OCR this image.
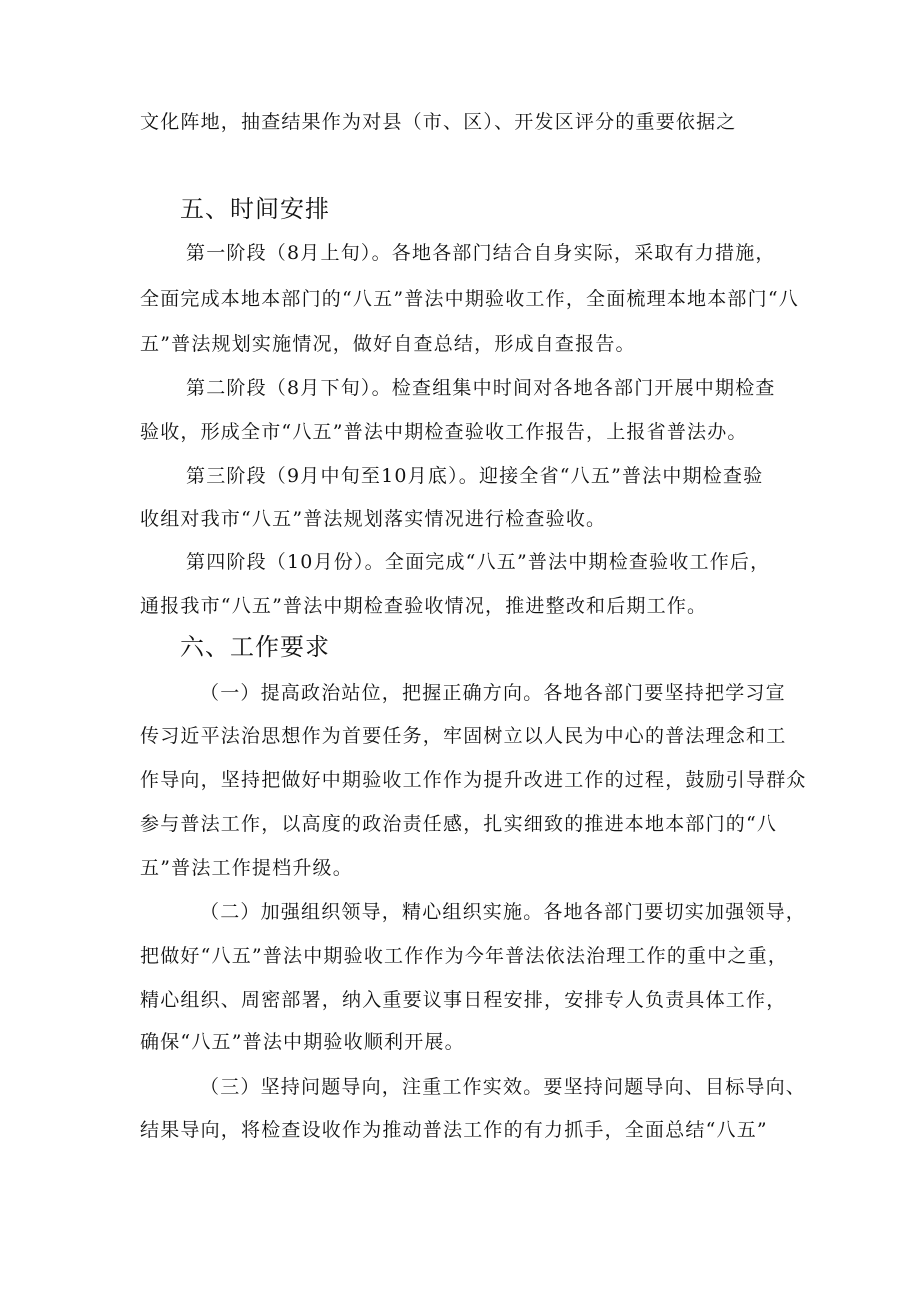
文化阵地，抽查结果作为对县（市、区）、开发区评分的重要依据之
五、时间安排
第一阶段（8月上旬）。各地各部门结合自身实际，采取有力措施，
全面完成本地本部门的“八五”普法中期验收工作，全面梳理本地本部门“八
五”普法规划实施情况，做好自查总结，形成自查报告。
第二阶段（8月下旬）。检查组集中时间对各地各部门开展中期检查
验收，形成全市“八五”普法中期检查验收工作报告，上报省普法办。
第三阶段（9月中旬至10月底）。迎接全省“八五”普法中期检查验
收组对我市“八五”普法规划落实情况进行检查验收。
第四阶段（10月份）。全面完成“八五”普法中期检查验收工作后，
通报我市“八五”普法中期检查验收情况，推进整改和后期工作。
六、工作要求
（一）提高政治站位，把握正确方向。各地各部门要坚持把学习宣
传习近平法治思想作为首要任务，牢固树立以人民为中心的普法理念和工
作导向，坚持把做好中期验收工作作为提升改进工作的过程，鼓励引导群众
参与普法工作，以高度的政治责任感，扎实细致的推进本地本部门的“八
五”普法工作提档升级。
（二）加强组织领导，精心组织实施。各地各部门要切实加强领导，
把做好“八五”普法中期验收工作作为今年普法依法治理工作的重中之重，
精心组织、周密部署，纳入重要议事日程安排，安排专人负责具体工作，
确保“八五”普法中期验收顺利开展。
（三）坚持问题导向，注重工作实效。要坚持问题导向、目标导向、
结果导向，将检查设收作为推动普法工作的有力抓手，全面总结“八五”
